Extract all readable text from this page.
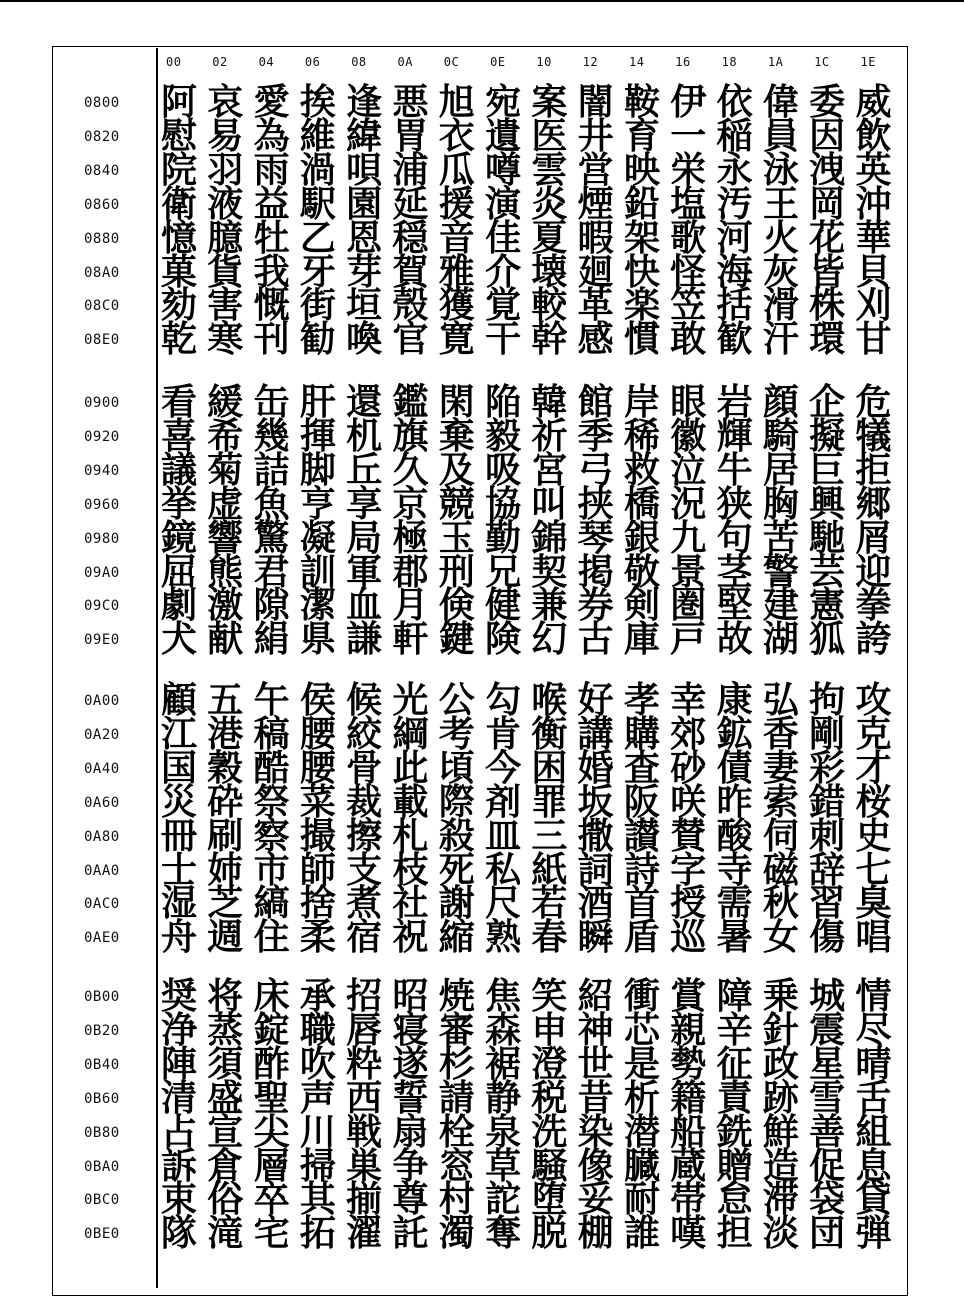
00	02	04	06	08	0A	0C	0E	10	12	14	16	18	1A	1C	1E
0800	阿 哀 愛 挨 逢 悪 旭 宛 案 闇 鞍 伊 依 偉 委 威
0820	慰 易 為 維 緯 胃 衣 遺 医 井 育 一 稲 員 因 飲
0840	院 羽 雨 渦 唄 浦 瓜 噂 雲 営 映 栄 永 泳 洩 英
0860	衛 液 益 駅 園 延 援 演 炎 煙 鉛 塩 汚 王 岡 沖
0880	憶 臆 牡 乙 恩 穏 音 佳 夏 暇 架 歌 河 火 花 華
08A0	菓 貨 我 牙 芽 賀 雅 介 壊 廻 快 怪 海 灰 皆 貝
08C0	劾 害 慨 街 垣 殼 獲 覚 較 革 楽 笠 括 滑 株 刈
08E0	乾 寒 刊 勧 喚 官 寛 干 幹 感 慣 敢 歓 汗 環 甘
0900	看 緩 缶 肝 還 鑑 閑 陥 韓 館 岸 眼 岩 顔 企 危
0920	喜 希 幾 揮 机 旗 棄 毅 祈 季 稀 徽 輝 騎 擬 犠
0940	議 菊 詰 脚 丘 久 及 吸 宮 弓 救 泣 牛 居 巨 拒
0960	挙 虚 魚 亨 享 京 競 協 叫 挟 橋 況 狭 胸 興 郷
0980	鏡 響 驚 凝 局 極 玉 勤 錦 琴 銀 九 句 苦 馳 屑
09A0	屈 熊 君 訓 軍 郡 刑 兄 契 掲 敬 景 茎 警 芸 迎
09C0	劇 激 隙 潔 血 月 倹 健 兼 券 剣 圏 堅 建 憲 拳
09E0	犬 献 絹 県 謙 軒 鍵 険 幻 古 庫 戸 故 湖 狐 誇
0A00	顧 五 午 侯 候 光 公 勾 喉 好 孝 幸 康 弘 拘 攻
0A20	江 港 稿 腰 絞 綱 考 肯 衡 講 購 郊 鉱 香 剛 克
0A40	国 穀 酷 腰 骨 此 頃 今 困 婚 査 砂 債 妻 彩 才
0A60	災 砕 祭 菜 裁 載 際 剤 罪 坂 阪 咲 昨 索 錯 桜
0A80	冊 刷 察 撮 擦 札 殺 皿 三 撒 讃 賛 酸 伺 刺 史
0AA0	士 姉 市 師 支 枝 死 私 紙 詞 詩 字 寺 磁 辞 七
0AC0	湿 芝 縞 捨 煮 社 謝 尺 若 酒 首 授 需 秋 習 臭
0AE0	舟 週 住 柔 宿 祝 縮 熟 春 瞬 盾 巡 暑 女 傷 唱
0B00	奨 将 床 承 招 昭 焼 焦 笑 紹 衝 賞 障 乗 城 情
0B20	浄 蒸 錠 職 唇 寝 審 森 申 神 芯 親 辛 針 震 尽
0B40	陣 須 酢 吹 粋 遂 杉 裾 澄 世 是 勢 征 政 星 晴
0B60	清 盛 聖 声 西 誓 請 静 税 昔 析 籍 責 跡 雪 舌
0B80	占 宣 尖 川 戦 扇 栓 泉 洗 染 潜 船 銑 鮮 善 組
0BA0	訴 倉 層 掃 巣 争 窓 草 騒 像 臓 蔵 贈 造 促 息
0BC0	束 俗 卒 其 揃 尊 村 詑 堕 妥 耐 帯 怠 滞 袋 貸
0BE0	隊 滝 宅 拓 濯 託 濁 奪 脱 棚 誰 嘆 担 淡 団 弾
